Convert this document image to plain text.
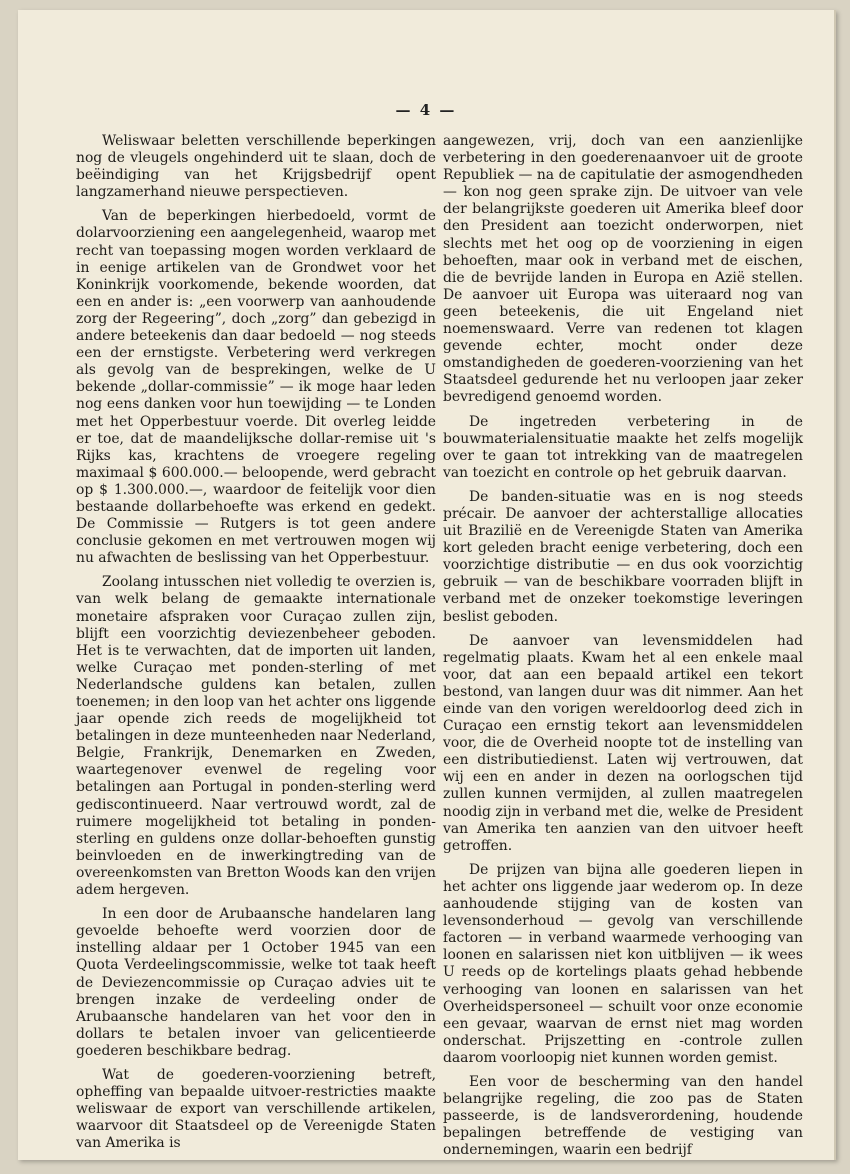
— 4 —

Weliswaar beletten verschillende beperkingen nog de vleugels ongehinderd uit te slaan, doch de beëindiging van het Krijgsbedrijf opent langzamerhand nieuwe perspectieven.

Van de beperkingen hierbedoeld, vormt de dolarvoorziening een aangelegenheid, waarop met recht van toepassing mogen worden verklaard de in eenige artikelen van de Grondwet voor het Koninkrijk voorkomende, bekende woorden, dat een en ander is: „een voorwerp van aanhoudende zorg der Regeering”, doch „zorg” dan gebezigd in andere beteekenis dan daar bedoeld — nog steeds een der ernstigste. Verbetering werd verkregen als gevolg van de besprekingen, welke de U bekende „dollar-commissie” — ik moge haar leden nog eens danken voor hun toewijding — te Londen met het Opperbestuur voerde. Dit overleg leidde er toe, dat de maandelijksche dollar-remise uit 's Rijks kas, krachtens de vroegere regeling maximaal $ 600.000.— beloopende, werd gebracht op $ 1.300.000.—, waardoor de feitelijk voor dien bestaande dollarbehoefte was erkend en gedekt. De Commissie — Rutgers is tot geen andere conclusie gekomen en met vertrouwen mogen wij nu afwachten de beslissing van het Opperbestuur.

Zoolang intusschen niet volledig te overzien is, van welk belang de gemaakte internationale monetaire afspraken voor Curaçao zullen zijn, blijft een voorzichtig deviezenbeheer geboden. Het is te verwachten, dat de importen uit landen, welke Curaçao met ponden-sterling of met Nederlandsche guldens kan betalen, zullen toenemen; in den loop van het achter ons liggende jaar opende zich reeds de mogelijkheid tot betalingen in deze munteenheden naar Nederland, Belgie, Frankrijk, Denemarken en Zweden, waartegenover evenwel de regeling voor betalingen aan Portugal in ponden-sterling werd gediscontinueerd. Naar vertrouwd wordt, zal de ruimere mogelijkheid tot betaling in ponden-sterling en guldens onze dollar-behoeften gunstig beinvloeden en de inwerkingtreding van de overeenkomsten van Bretton Woods kan den vrijen adem hergeven.

In een door de Arubaansche handelaren lang gevoelde behoefte werd voorzien door de instelling aldaar per 1 October 1945 van een Quota Verdeelingscommissie, welke tot taak heeft de Deviezencommissie op Curaçao advies uit te brengen inzake de verdeeling onder de Arubaansche handelaren van het voor den in dollars te betalen invoer van gelicentieerde goederen beschikbare bedrag.

Wat de goederen-voorziening betreft, opheffing van bepaalde uitvoer-restricties maakte weliswaar de export van verschillende artikelen, waarvoor dit Staatsdeel op de Vereenigde Staten van Amerika is

aangewezen, vrij, doch van een aanzienlijke verbetering in den goederenaanvoer uit de groote Republiek — na de capitulatie der asmogendheden — kon nog geen sprake zijn. De uitvoer van vele der belangrijkste goederen uit Amerika bleef door den President aan toezicht onderworpen, niet slechts met het oog op de voorziening in eigen behoeften, maar ook in verband met de eischen, die de bevrijde landen in Europa en Azië stellen. De aanvoer uit Europa was uiteraard nog van geen beteekenis, die uit Engeland niet noemenswaard. Verre van redenen tot klagen gevende echter, mocht onder deze omstandigheden de goederen-voorziening van het Staatsdeel gedurende het nu verloopen jaar zeker bevredigend genoemd worden.

De ingetreden verbetering in de bouwmaterialensituatie maakte het zelfs mogelijk over te gaan tot intrekking van de maatregelen van toezicht en controle op het gebruik daarvan.

De banden-situatie was en is nog steeds précair. De aanvoer der achterstallige allocaties uit Brazilië en de Vereenigde Staten van Amerika kort geleden bracht eenige verbetering, doch een voorzichtige distributie — en dus ook voorzichtig gebruik — van de beschikbare voorraden blijft in verband met de onzeker toekomstige leveringen beslist geboden.

De aanvoer van levensmiddelen had regelmatig plaats. Kwam het al een enkele maal voor, dat aan een bepaald artikel een tekort bestond, van langen duur was dit nimmer. Aan het einde van den vorigen wereldoorlog deed zich in Curaçao een ernstig tekort aan levensmiddelen voor, die de Overheid noopte tot de instelling van een distributiedienst. Laten wij vertrouwen, dat wij een en ander in dezen na oorlogschen tijd zullen kunnen vermijden, al zullen maatregelen noodig zijn in verband met die, welke de President van Amerika ten aanzien van den uitvoer heeft getroffen.

De prijzen van bijna alle goederen liepen in het achter ons liggende jaar wederom op. In deze aanhoudende stijging van de kosten van levensonderhoud — gevolg van verschillende factoren — in verband waarmede verhooging van loonen en salarissen niet kon uitblijven — ik wees U reeds op de kortelings plaats gehad hebbende verhooging van loonen en salarissen van het Overheidspersoneel — schuilt voor onze economie een gevaar, waarvan de ernst niet mag worden onderschat. Prijszetting en -controle zullen daarom voorloopig niet kunnen worden gemist.

Een voor de bescherming van den handel belangrijke regeling, die zoo pas de Staten passeerde, is de landsverordening, houdende bepalingen betreffende de vestiging van ondernemingen, waarin een bedrijf
